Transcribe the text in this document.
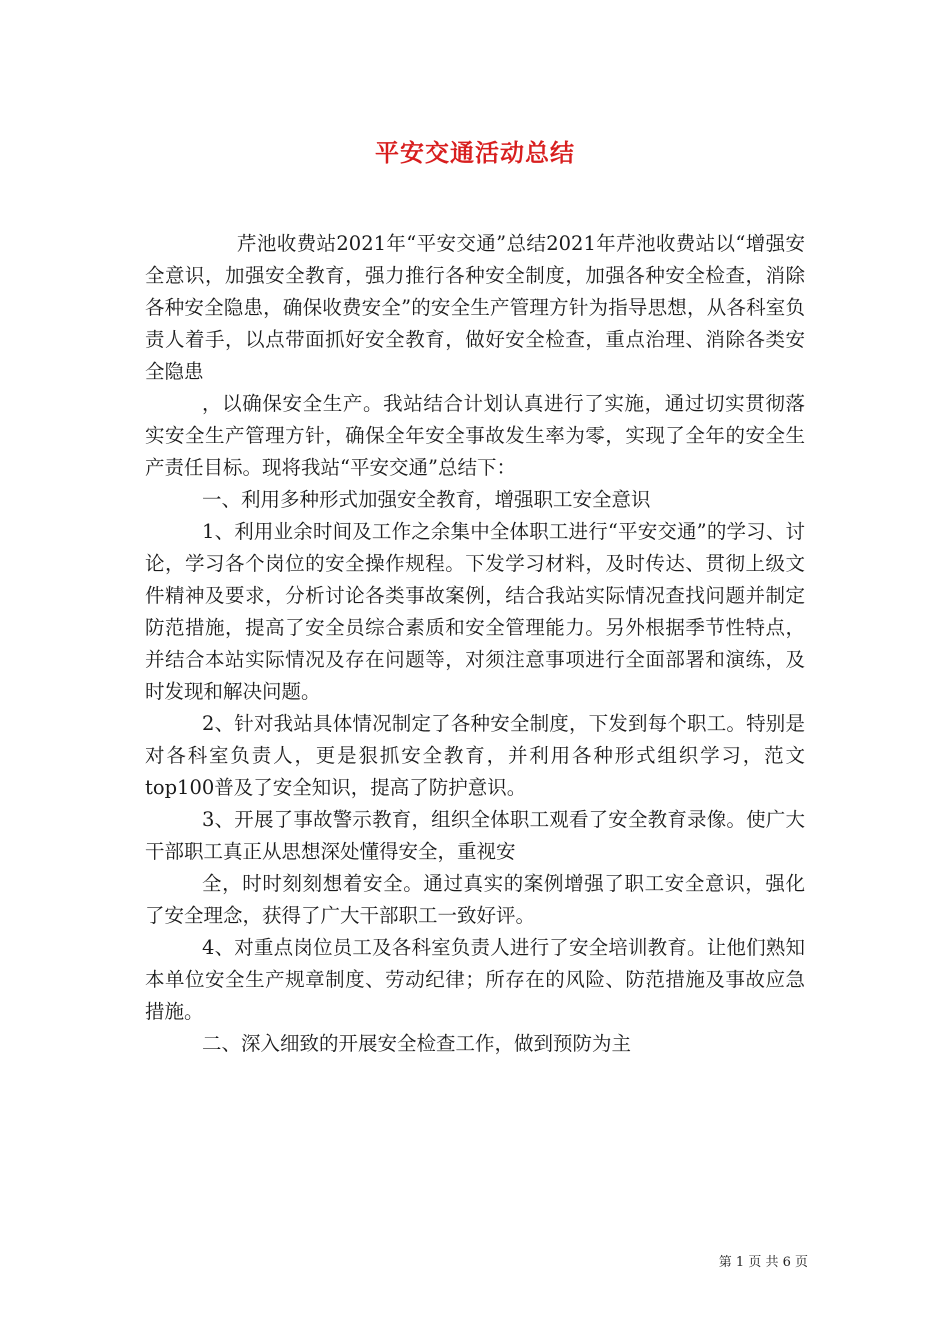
平安交通活动总结

芹池收费站2021年“平安交通”总结2021年芹池收费站以“增强安全意识，加强安全教育，强力推行各种安全制度，加强各种安全检查，消除各种安全隐患，确保收费安全”的安全生产管理方针为指导思想，从各科室负责人着手，以点带面抓好安全教育，做好安全检查，重点治理、消除各类安全隐患

，以确保安全生产。我站结合计划认真进行了实施，通过切实贯彻落实安全生产管理方针，确保全年安全事故发生率为零，实现了全年的安全生产责任目标。现将我站“平安交通”总结下：

一、利用多种形式加强安全教育，增强职工安全意识

1、利用业余时间及工作之余集中全体职工进行“平安交通”的学习、讨论，学习各个岗位的安全操作规程。下发学习材料，及时传达、贯彻上级文件精神及要求，分析讨论各类事故案例，结合我站实际情况查找问题并制定防范措施，提高了安全员综合素质和安全管理能力。另外根据季节性特点，并结合本站实际情况及存在问题等，对须注意事项进行全面部署和演练，及时发现和解决问题。

2、针对我站具体情况制定了各种安全制度，下发到每个职工。特别是对各科室负责人，更是狠抓安全教育，并利用各种形式组织学习，范文top100普及了安全知识，提高了防护意识。

3、开展了事故警示教育，组织全体职工观看了安全教育录像。使广大干部职工真正从思想深处懂得安全，重视安

全，时时刻刻想着安全。通过真实的案例增强了职工安全意识，强化了安全理念，获得了广大干部职工一致好评。

4、对重点岗位员工及各科室负责人进行了安全培训教育。让他们熟知本单位安全生产规章制度、劳动纪律；所存在的风险、防范措施及事故应急措施。

二、深入细致的开展安全检查工作，做到预防为主

第 1 页 共 6 页
